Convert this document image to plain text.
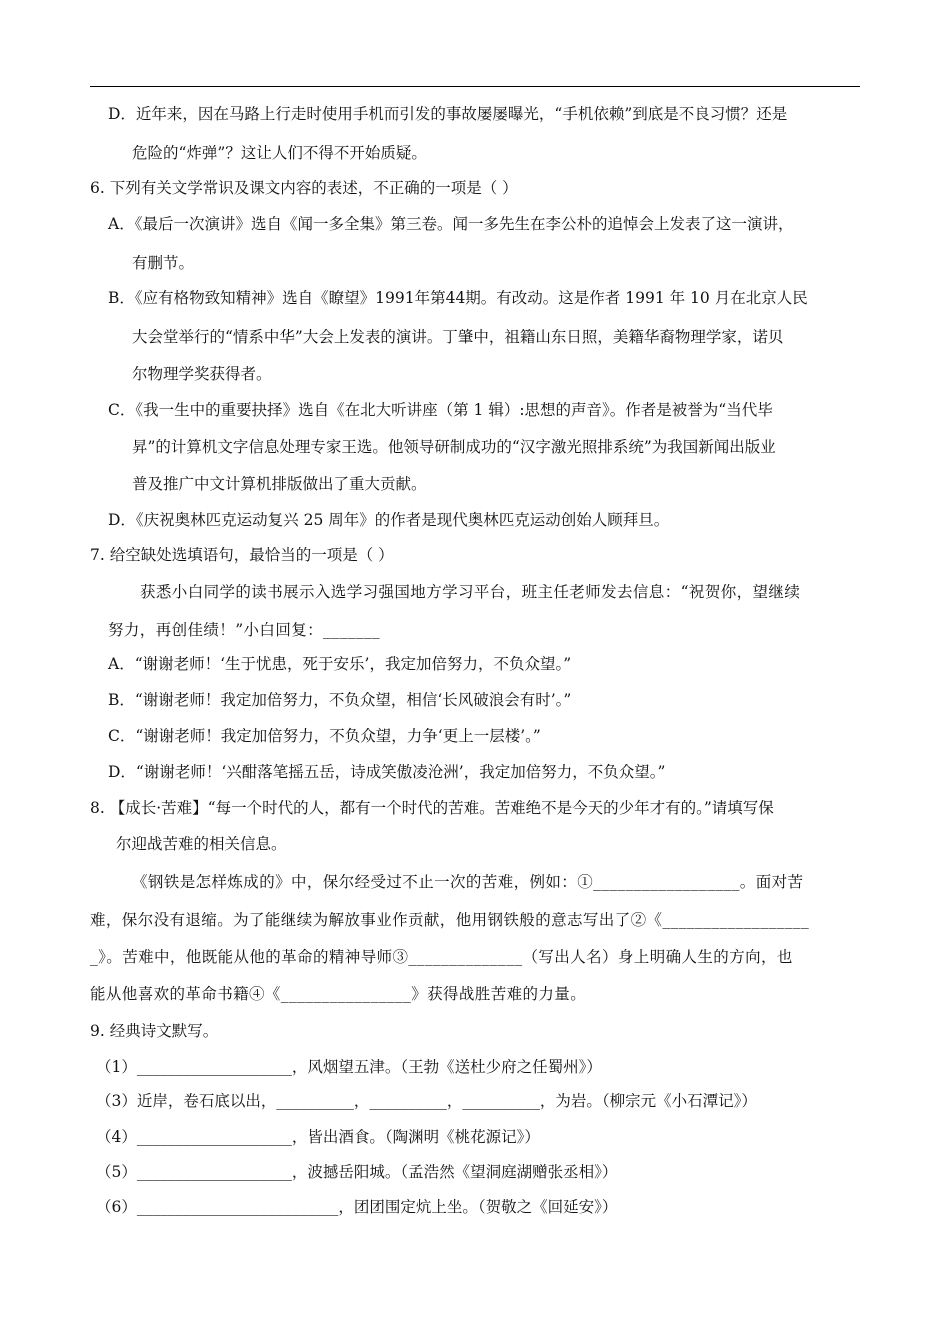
D．近年来，因在马路上行走时使用手机而引发的事故屡屡曝光，“手机依赖”到底是不良习惯？还是
危险的“炸弹”？这让人们不得不开始质疑。
6. 下列有关文学常识及课文内容的表述，不正确的一项是（ ）
A．《最后一次演讲》选自《闻一多全集》第三卷。闻一多先生在李公朴的追悼会上发表了这一演讲，
有删节。
B．《应有格物致知精神》选自《瞭望》1991年第44期。有改动。这是作者 1991 年 10 月在北京人民
大会堂举行的“情系中华”大会上发表的演讲。丁肇中，祖籍山东日照，美籍华裔物理学家，诺贝
尔物理学奖获得者。
C．《我一生中的重要抉择》选自《在北大听讲座（第 1 辑）:思想的声音》。作者是被誉为“当代毕
昇”的计算机文字信息处理专家王选。他领导研制成功的“汉字激光照排系统”为我国新闻出版业
普及推广中文计算机排版做出了重大贡献。
D．《庆祝奥林匹克运动复兴 25 周年》的作者是现代奥林匹克运动创始人顾拜旦。
7. 给空缺处选填语句，最恰当的一项是（ ）
获悉小白同学的读书展示入选学习强国地方学习平台，班主任老师发去信息：“祝贺你，望继续
努力，再创佳绩！”小白回复：_______
A．“谢谢老师！‘生于忧患，死于安乐’，我定加倍努力，不负众望。”
B．“谢谢老师！我定加倍努力，不负众望，相信‘长风破浪会有时’。”
C．“谢谢老师！我定加倍努力，不负众望，力争‘更上一层楼’。”
D．“谢谢老师！‘兴酣落笔摇五岳，诗成笑傲凌沧洲’，我定加倍努力，不负众望。”
8. 【成长·苦难】“每一个时代的人，都有一个时代的苦难。苦难绝不是今天的少年才有的。”请填写保
尔迎战苦难的相关信息。
《钢铁是怎样炼成的》中，保尔经受过不止一次的苦难，例如：①__________________。面对苦
难，保尔没有退缩。为了能继续为解放事业作贡献，他用钢铁般的意志写出了②《__________________
_》。苦难中，他既能从他的革命的精神导师③______________（写出人名）身上明确人生的方向，也
能从他喜欢的革命书籍④《________________》获得战胜苦难的力量。
9. 经典诗文默写。
（1）____________________，风烟望五津。（王勃《送杜少府之任蜀州》）
（3）近岸，卷石底以出，__________，__________，__________，为岩。（柳宗元《小石潭记》）
（4）____________________，皆出酒食。（陶渊明《桃花源记》）
（5）____________________，波撼岳阳城。（孟浩然《望洞庭湖赠张丞相》）
（6）__________________________，团团围定炕上坐。（贺敬之《回延安》）
